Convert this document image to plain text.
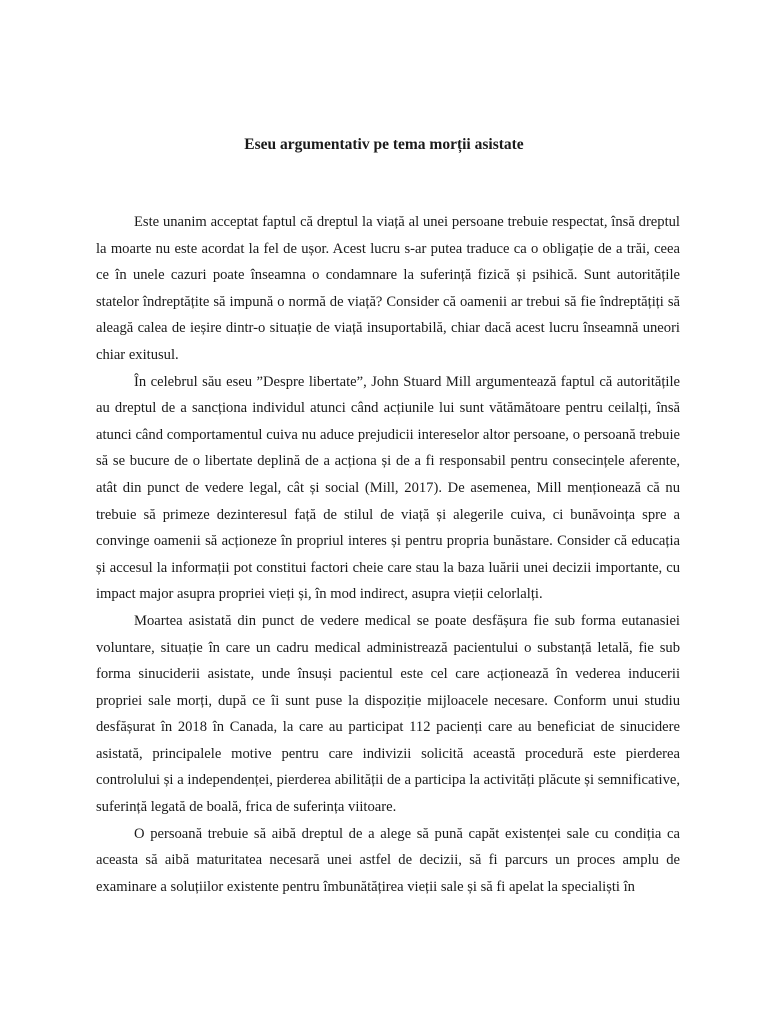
Eseu argumentativ pe tema morții asistate

Este unanim acceptat faptul că dreptul la viață al unei persoane trebuie respectat, însă dreptul la moarte nu este acordat la fel de ușor. Acest lucru s-ar putea traduce ca o obligație de a trăi, ceea ce în unele cazuri poate înseamna o condamnare la suferință fizică și psihică. Sunt autoritățile statelor îndreptățite să impună o normă de viață? Consider că oamenii ar trebui să fie îndreptățiți să aleagă calea de ieșire dintr-o situație de viață insuportabilă, chiar dacă acest lucru înseamnă uneori chiar exitusul.

În celebrul său eseu ”Despre libertate”, John Stuard Mill argumentează faptul că autoritățile au dreptul de a sancționa individul atunci când acțiunile lui sunt vătămătoare pentru ceilalți, însă atunci când comportamentul cuiva nu aduce prejudicii intereselor altor persoane, o persoană trebuie să se bucure de o libertate deplină de a acționa și de a fi responsabil pentru consecințele aferente, atât din punct de vedere legal, cât și social (Mill, 2017). De asemenea, Mill menționează că nu trebuie să primeze dezinteresul față de stilul de viață și alegerile cuiva, ci bunăvoința spre a convinge oamenii să acționeze în propriul interes și pentru propria bunăstare. Consider că educația și accesul la informații pot constitui factori cheie care stau la baza luării unei decizii importante, cu impact major asupra propriei vieți și, în mod indirect, asupra vieții celorlalți.

Moartea asistată din punct de vedere medical se poate desfășura fie sub forma eutanasiei voluntare, situație în care un cadru medical administrează pacientului o substanță letală, fie sub forma sinuciderii asistate, unde însuși pacientul este cel care acționează în vederea inducerii propriei sale morți, după ce îi sunt puse la dispoziție mijloacele necesare. Conform unui studiu desfășurat în 2018 în Canada, la care au participat 112 pacienți care au beneficiat de sinucidere asistată, principalele motive pentru care indivizii solicită această procedură este pierderea controlului și a independenței, pierderea abilității de a participa la activități plăcute și semnificative, suferință legată de boală, frica de suferința viitoare.

O persoană trebuie să aibă dreptul de a alege să pună capăt existenței sale cu condiția ca aceasta să aibă maturitatea necesară unei astfel de decizii, să fi parcurs un proces amplu de examinare a soluțiilor existente pentru îmbunătățirea vieții sale și să fi apelat la specialiști în
